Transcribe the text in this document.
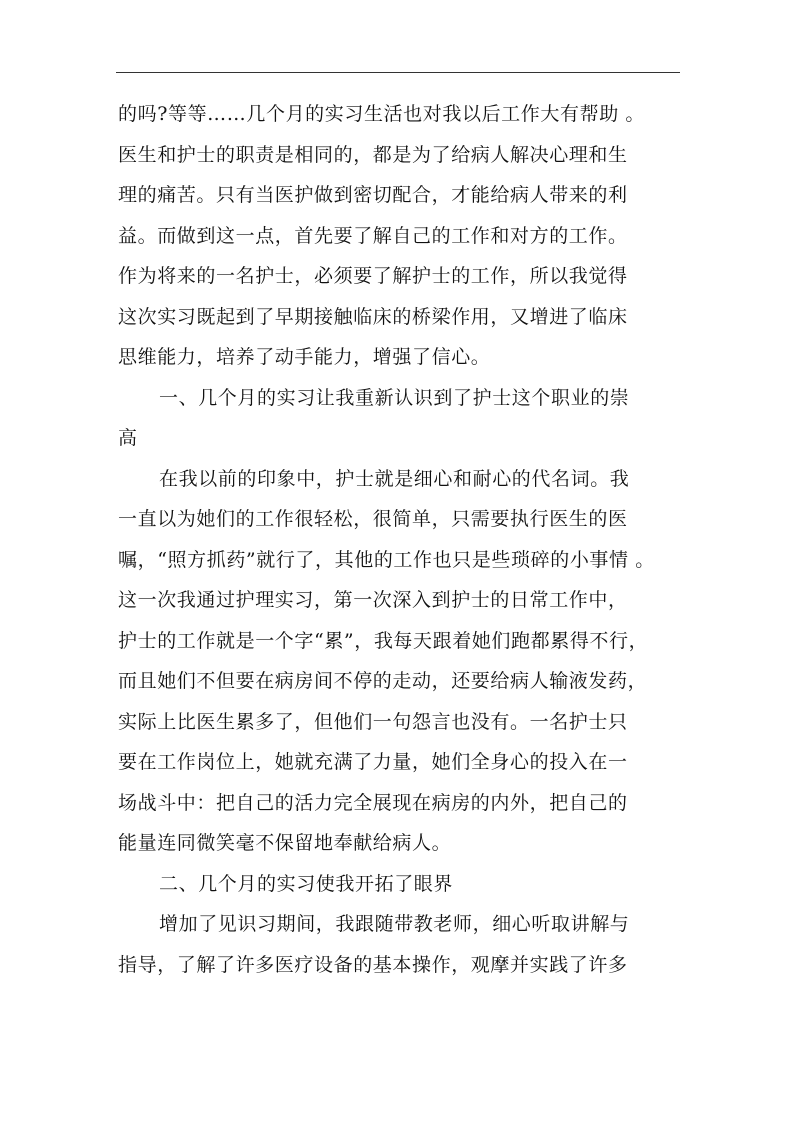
的吗?等等……几个月的实习生活也对我以后工作大有帮助 。
医生和护士的职责是相同的，都是为了给病人解决心理和生
理的痛苦。只有当医护做到密切配合，才能给病人带来的利
益。而做到这一点，首先要了解自己的工作和对方的工作。
作为将来的一名护士，必须要了解护士的工作，所以我觉得
这次实习既起到了早期接触临床的桥梁作用，又增进了临床
思维能力，培养了动手能力，增强了信心。
一、几个月的实习让我重新认识到了护士这个职业的崇
高
在我以前的印象中，护士就是细心和耐心的代名词。我
一直以为她们的工作很轻松，很简单，只需要执行医生的医
嘱，“照方抓药”就行了，其他的工作也只是些琐碎的小事情 。
这一次我通过护理实习，第一次深入到护士的日常工作中，
护士的工作就是一个字“累”，我每天跟着她们跑都累得不行，
而且她们不但要在病房间不停的走动，还要给病人输液发药，
实际上比医生累多了，但他们一句怨言也没有。一名护士只
要在工作岗位上，她就充满了力量，她们全身心的投入在一
场战斗中：把自己的活力完全展现在病房的内外，把自己的
能量连同微笑毫不保留地奉献给病人。
二、几个月的实习使我开拓了眼界
增加了见识习期间，我跟随带教老师，细心听取讲解与
指导，了解了许多医疗设备的基本操作，观摩并实践了许多
